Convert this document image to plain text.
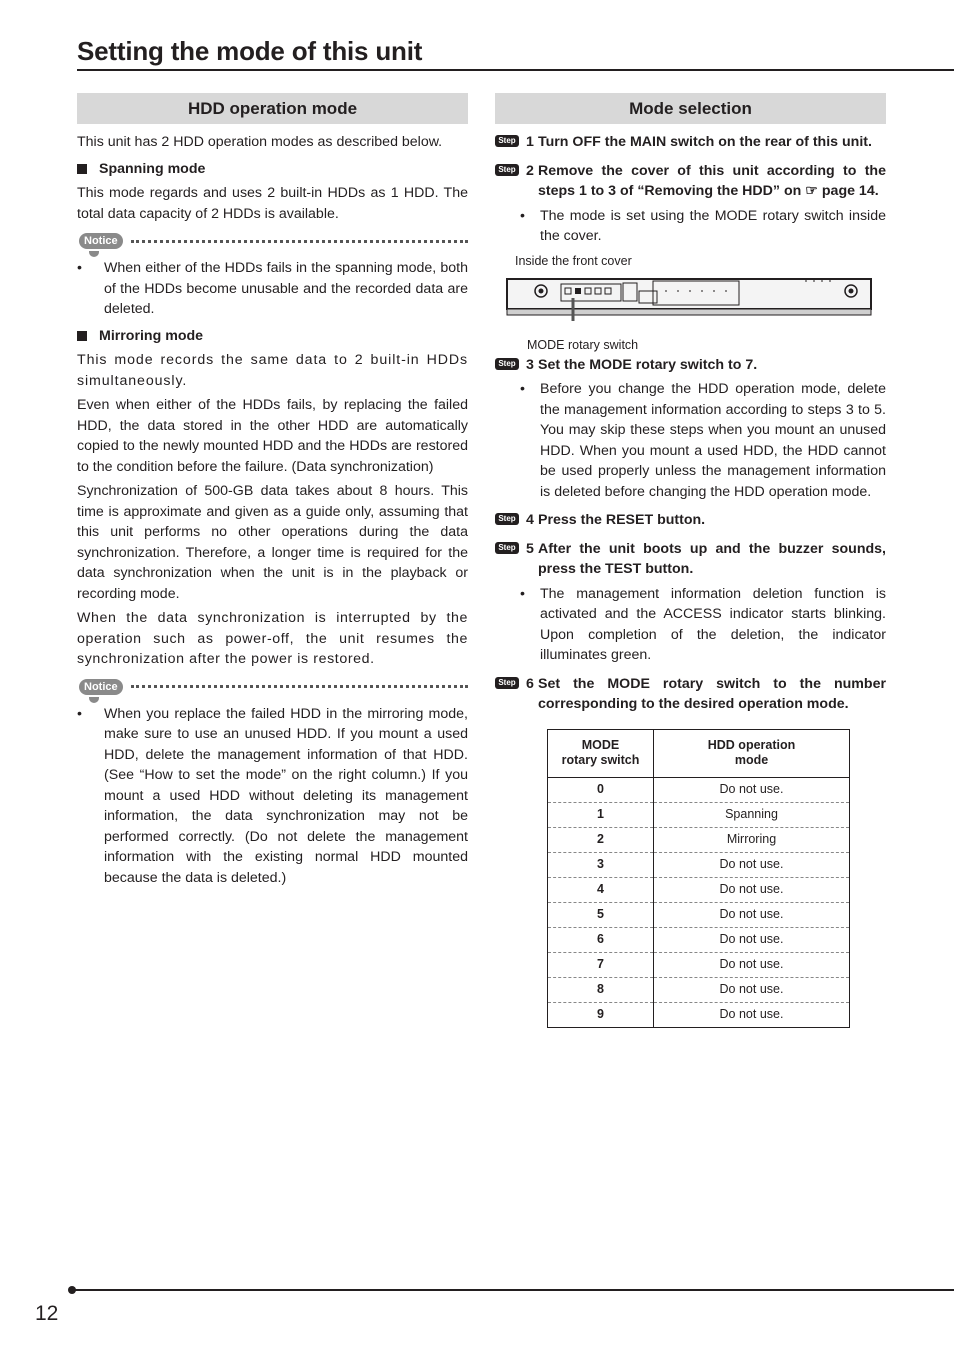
Setting the mode of this unit
HDD operation mode

This unit has 2 HDD operation modes as described below.

Spanning mode

This mode regards and uses 2 built-in HDDs as 1 HDD. The total data capacity of 2 HDDs is available.

Notice
•	When either of the HDDs fails in the spanning mode, both of the HDDs become unusable and the recorded data are deleted.
Mirroring mode

This mode records the same data to 2 built-in HDDs simultaneously.

Even when either of the HDDs fails, by replacing the failed HDD, the data stored in the other HDD are automatically copied to the newly mounted HDD and the HDDs are restored to the condition before the failure. (Data synchronization)

Synchronization of 500-GB data takes about 8 hours. This time is approximate and given as a guide only, assuming that this unit performs no other operations during the data synchronization. Therefore, a longer time is required for the data synchronization when the unit is in the playback or recording mode.

When the data synchronization is interrupted by the operation such as power-off, the unit resumes the synchronization after the power is restored.

Notice
•	When you replace the failed HDD in the mirroring mode, make sure to use an unused HDD. If you mount a used HDD, delete the management information of that HDD. (See “How to set the mode” on the right column.) If you mount a used HDD without deleting its management information, the data synchronization may not be performed correctly. (Do not delete the management information with the existing normal HDD mounted because the data is deleted.)
Mode selection
Step 1 Turn OFF the MAIN switch on the rear of this unit.
Step 2 Remove the cover of this unit according to the steps 1 to 3 of “Removing the HDD” on ☞ page 14.
•	The mode is set using the MODE rotary switch inside the cover.
Inside the front cover
MODE rotary switch
Step 3 Set the MODE rotary switch to 7.
•	Before you change the HDD operation mode, delete the management information according to steps 3 to 5. You may skip these steps when you mount an unused HDD. When you mount a used HDD, the HDD cannot be used properly unless the management information is deleted before changing the HDD operation mode.
Step 4 Press the RESET button.
Step 5 After the unit boots up and the buzzer sounds, press the TEST button.
•	The management information deletion function is activated and the ACCESS indicator starts blinking. Upon completion of the deletion, the indicator illuminates green.
Step 6 Set the MODE rotary switch to the number corresponding to the desired operation mode.
MODE
rotary switch	HDD operation
mode
0	Do not use.
1	Spanning
2	Mirroring
3	Do not use.
4	Do not use.
5	Do not use.
6	Do not use.
7	Do not use.
8	Do not use.
9	Do not use.
12
